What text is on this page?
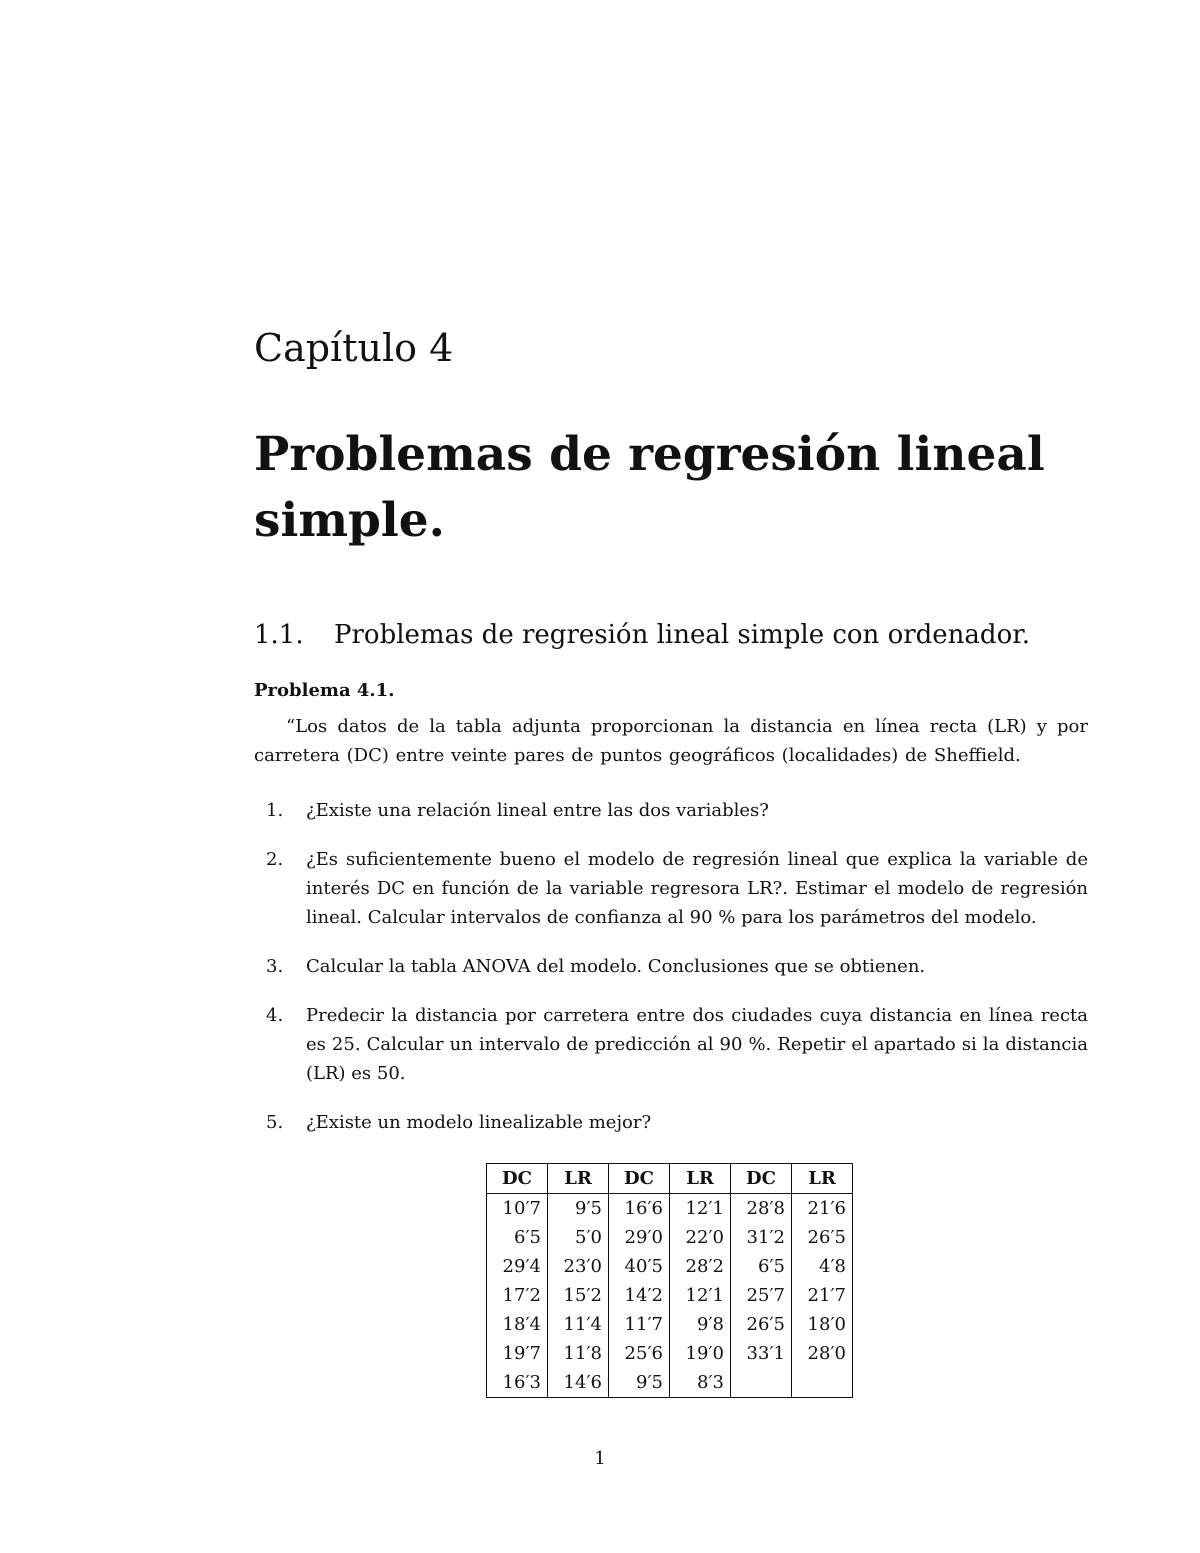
Capítulo 4
Problemas de regresión lineal simple.
1.1. Problemas de regresión lineal simple con ordenador.

Problema 4.1.

“Los datos de la tabla adjunta proporcionan la distancia en línea recta (LR) y por carretera (DC) entre veinte pares de puntos geográficos (localidades) de Sheffield.

1. ¿Existe una relación lineal entre las dos variables?
2. ¿Es suficientemente bueno el modelo de regresión lineal que explica la variable de interés DC en función de la variable regresora LR?. Estimar el modelo de regresión lineal. Calcular intervalos de confianza al 90 % para los parámetros del modelo.
3. Calcular la tabla ANOVA del modelo. Conclusiones que se obtienen.
4. Predecir la distancia por carretera entre dos ciudades cuya distancia en línea recta es 25. Calcular un intervalo de predicción al 90 %. Repetir el apartado si la distancia (LR) es 50.
5. ¿Existe un modelo linealizable mejor?
DC	LR	DC	LR	DC	LR
10′7	9′5	16′6	12′1	28′8	21′6
6′5	5′0	29′0	22′0	31′2	26′5
29′4	23′0	40′5	28′2	6′5	4′8
17′2	15′2	14′2	12′1	25′7	21′7
18′4	11′4	11′7	9′8	26′5	18′0
19′7	11′8	25′6	19′0	33′1	28′0
16′3	14′6	9′5	8′3		
1
